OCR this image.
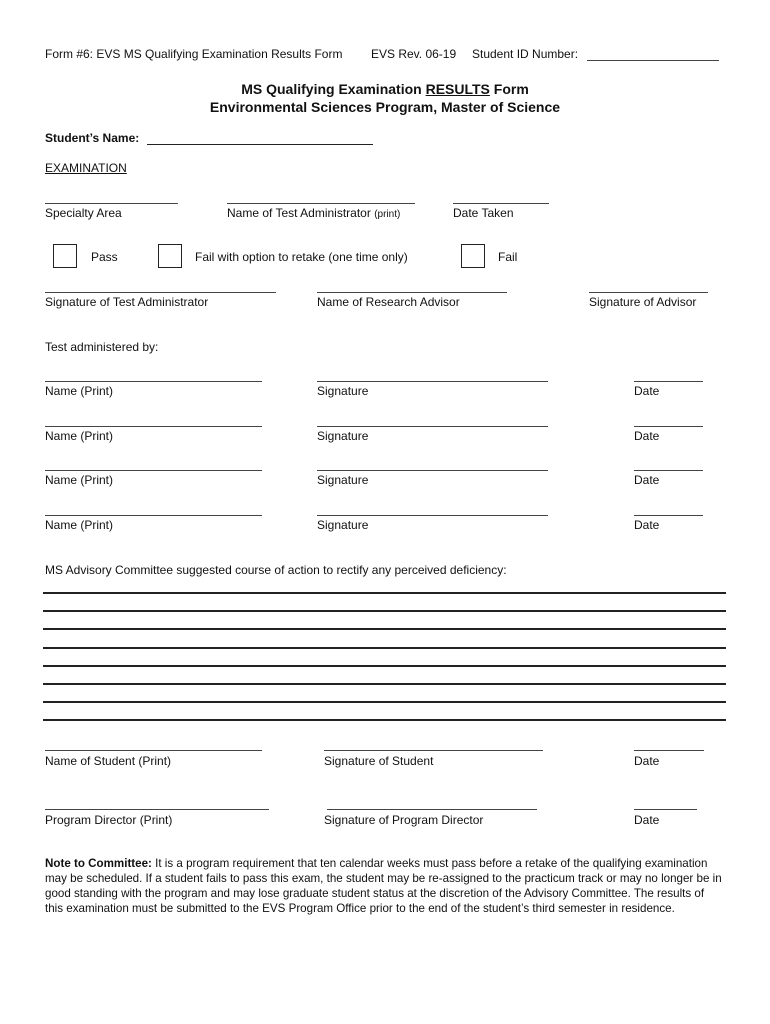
Form #6: EVS MS Qualifying Examination Results Form EVS Rev. 06-19 Student ID Number:
MS Qualifying Examination RESULTS Form
Environmental Sciences Program, Master of Science
Student’s Name:
EXAMINATION
Specialty Area	Name of Test Administrator (print)	Date Taken
Pass	Fail with option to retake (one time only)	Fail
Signature of Test Administrator	Name of Research Advisor	Signature of Advisor
Test administered by:
Name (Print)	Signature	Date
Name (Print)	Signature	Date
Name (Print)	Signature	Date
Name (Print)	Signature	Date
MS Advisory Committee suggested course of action to rectify any perceived deficiency:
Name of Student (Print)	Signature of Student	Date
Program Director (Print)	Signature of Program Director	Date
Note to Committee: It is a program requirement that ten calendar weeks must pass before a retake of the qualifying examination may be scheduled. If a student fails to pass this exam, the student may be re-assigned to the practicum track or may no longer be in good standing with the program and may lose graduate student status at the discretion of the Advisory Committee. The results of this examination must be submitted to the EVS Program Office prior to the end of the student’s third semester in residence.
